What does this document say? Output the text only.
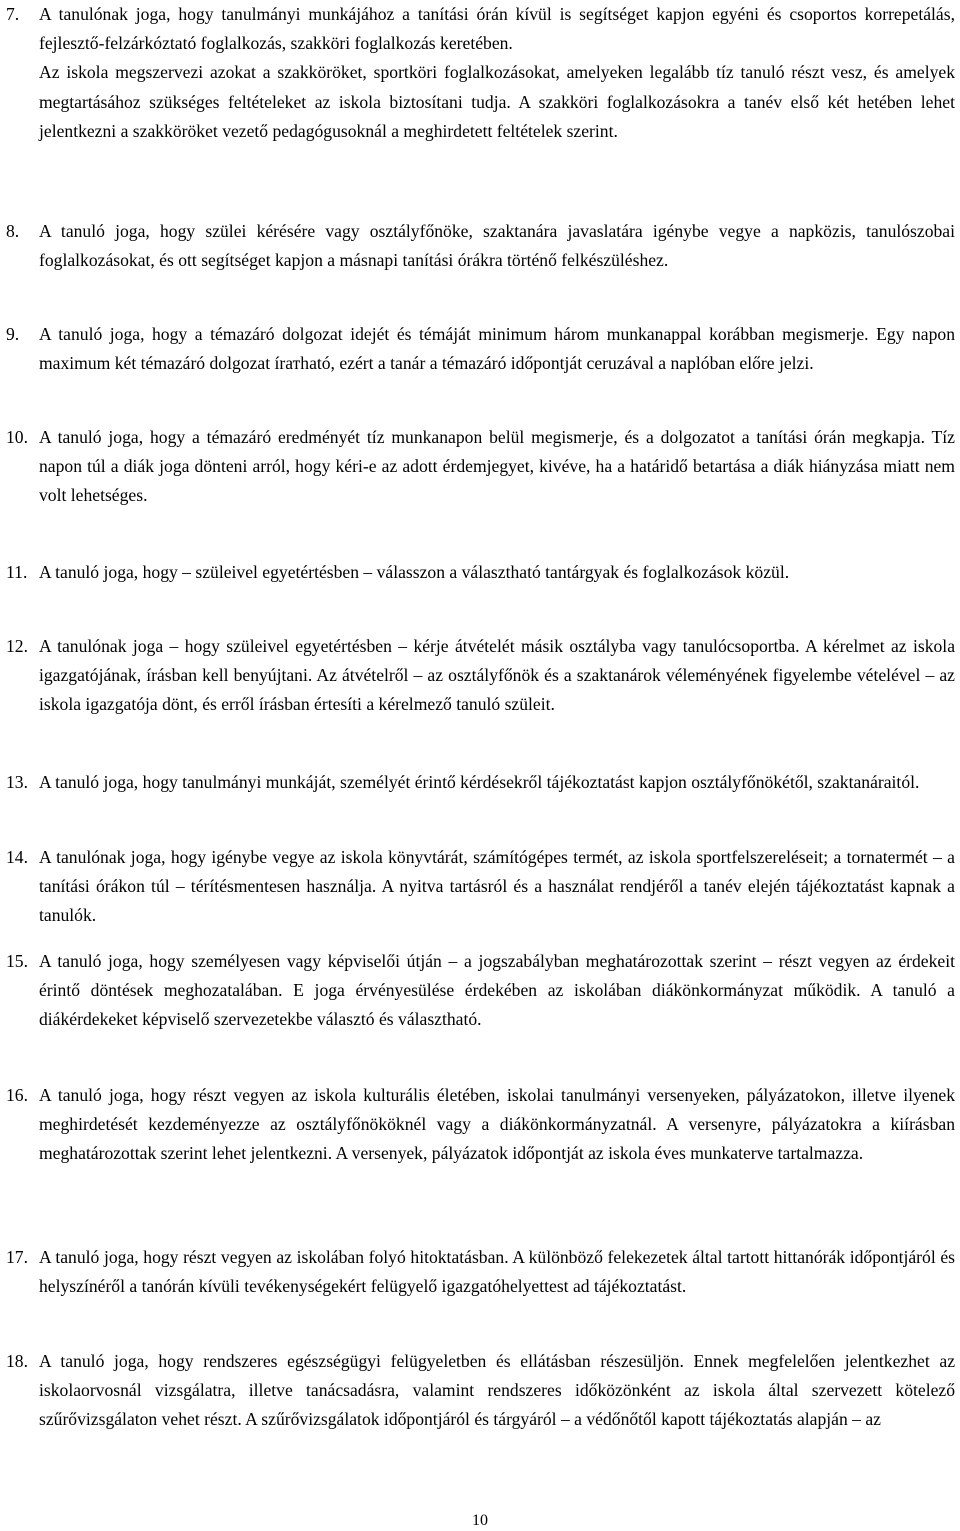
7. A tanulónak joga, hogy tanulmányi munkájához a tanítási órán kívül is segítséget kapjon egyéni és csoportos korrepetálás, fejlesztő-felzárkóztató foglalkozás, szakköri foglalkozás keretében.
Az iskola megszervezi azokat a szakköröket, sportköri foglalkozásokat, amelyeken legalább tíz tanuló részt vesz, és amelyek megtartásához szükséges feltételeket az iskola biztosítani tudja. A szakköri foglalkozásokra a tanév első két hetében lehet jelentkezni a szakköröket vezető pedagógusoknál a meghirdetett feltételek szerint.
8. A tanuló joga, hogy szülei kérésére vagy osztályfőnöke, szaktanára javaslatára igénybe vegye a napközis, tanulószobai foglalkozásokat, és ott segítséget kapjon a másnapi tanítási órákra történő felkészüléshez.
9. A tanuló joga, hogy a témazáró dolgozat idejét és témáját minimum három munkanappal korábban megismerje. Egy napon maximum két témazáró dolgozat írатható, ezért a tanár a témazáró időpontját ceruzával a naplóban előre jelzi.
10. A tanuló joga, hogy a témazáró eredményét tíz munkanapon belül megismerje, és a dolgozatot a tanítási órán megkapja. Tíz napon túl a diák joga dönteni arról, hogy kéri-e az adott érdemjegyet, kivéve, ha a határidő betartása a diák hiányzása miatt nem volt lehetséges.
11. A tanuló joga, hogy – szüleivel egyetértésben – válasszon a választható tantárgyak és foglalkozások közül.
12. A tanulónak joga – hogy szüleivel egyetértésben – kérje átvételét másik osztályba vagy tanulócsoportba. A kérelmet az iskola igazgatójának, írásban kell benyújtani. Az átvételről – az osztályfőnök és a szaktanárok véleményének figyelembe vételével – az iskola igazgatója dönt, és erről írásban értesíti a kérelmező tanuló szüleit.
13. A tanuló joga, hogy tanulmányi munkáját, személyét érintő kérdésekről tájékoztatást kapjon osztályfőnökétől, szaktanáraitól.
14. A tanulónak joga, hogy igénybe vegye az iskola könyvtárát, számítógépes termét, az iskola sportfelszereléseit; a tornatermét – a tanítási órákon túl – térítésmentesen használja. A nyitva tartásról és a használat rendjéről a tanév elején tájékoztatást kapnak a tanulók.
15. A tanuló joga, hogy személyesen vagy képviselői útján – a jogszabályban meghatározottak szerint – részt vegyen az érdekeit érintő döntések meghozatalában. E joga érvényesülése érdekében az iskolában diákönkormányzat működik. A tanuló a diákérdekeket képviselő szervezetekbe választó és választható.
16. A tanuló joga, hogy részt vegyen az iskola kulturális életében, iskolai tanulmányi versenyeken, pályázatokon, illetve ilyenek meghirdetését kezdeményezze az osztályfőnököknél vagy a diákönkormányzatnál. A versenyre, pályázatokra a kiírásban meghatározottak szerint lehet jelentkezni. A versenyek, pályázatok időpontját az iskola éves munkaterve tartalmazza.
17. A tanuló joga, hogy részt vegyen az iskolában folyó hitoktatásban. A különböző felekezetek által tartott hittanórák időpontjáról és helyszínéről a tanórán kívüli tevékenységekért felügyelő igazgatóhelyettest ad tájékoztatást.
18. A tanuló joga, hogy rendszeres egészségügyi felügyeletben és ellátásban részesüljön. Ennek megfelelően jelentkezhet az iskolaorvosnál vizsgálatra, illetve tanácsadásra, valamint rendszeres időközönként az iskola által szervezett kötelező szűrővizsgálaton vehet részt. A szűrővizsgálatok időpontjáról és tárgyáról – a védőnőtől kapott tájékoztatás alapján – az
10
